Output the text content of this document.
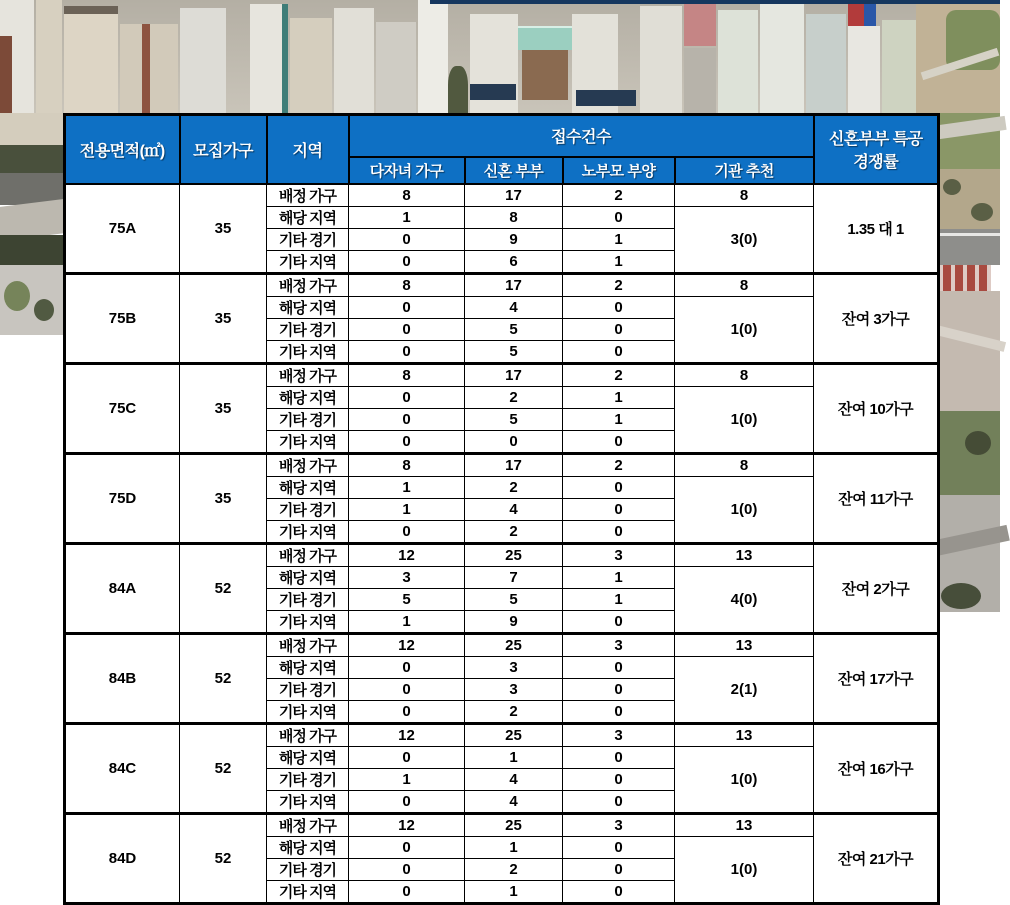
전용면적(㎡)	모집가구	지역	접수건수				신혼부부 특공
경쟁률
			다자녀 가구	신혼 부부	노부모 부양	기관 추천	
75A	35	배정 가구	8	17	2	8	1.35 대 1
		해당 지역	1	8	0	3(0)	
		기타 경기	0	9	1		
		기타 지역	0	6	1		
75B	35	배정 가구	8	17	2	8	잔여 3가구
		해당 지역	0	4	0	1(0)	
		기타 경기	0	5	0		
		기타 지역	0	5	0		
75C	35	배정 가구	8	17	2	8	잔여 10가구
		해당 지역	0	2	1	1(0)	
		기타 경기	0	5	1		
		기타 지역	0	0	0		
75D	35	배정 가구	8	17	2	8	잔여 11가구
		해당 지역	1	2	0	1(0)	
		기타 경기	1	4	0		
		기타 지역	0	2	0		
84A	52	배정 가구	12	25	3	13	잔여 2가구
		해당 지역	3	7	1	4(0)	
		기타 경기	5	5	1		
		기타 지역	1	9	0		
84B	52	배정 가구	12	25	3	13	잔여 17가구
		해당 지역	0	3	0	2(1)	
		기타 경기	0	3	0		
		기타 지역	0	2	0		
84C	52	배정 가구	12	25	3	13	잔여 16가구
		해당 지역	0	1	0	1(0)	
		기타 경기	1	4	0		
		기타 지역	0	4	0		
84D	52	배정 가구	12	25	3	13	잔여 21가구
		해당 지역	0	1	0	1(0)	
		기타 경기	0	2	0		
		기타 지역	0	1	0		
